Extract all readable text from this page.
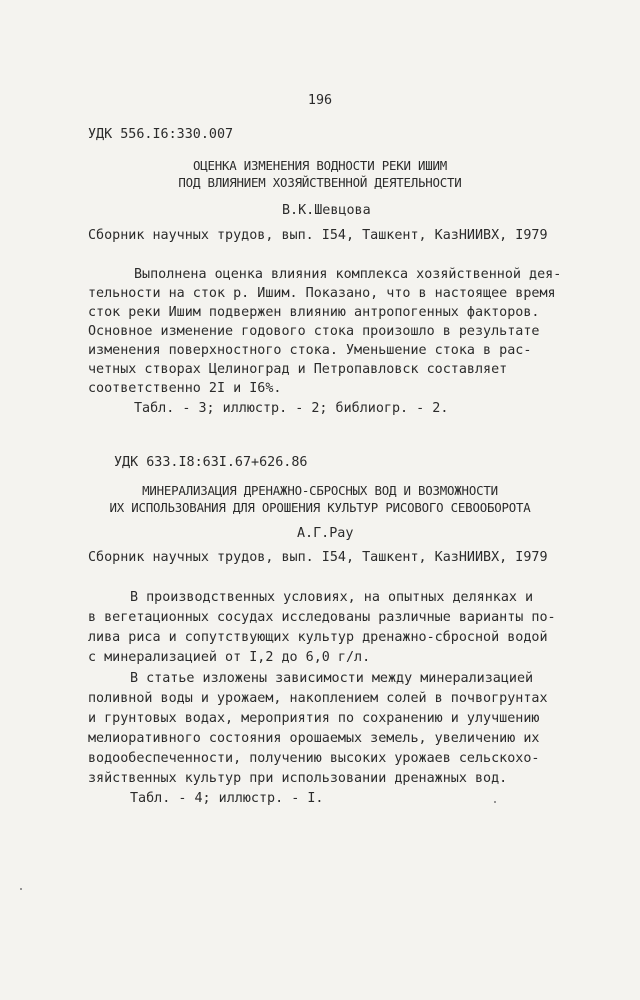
196
УДК 556.I6:330.007
ОЦЕНКА ИЗМЕНЕНИЯ ВОДНОСТИ РЕКИ ИШИМ
ПОД ВЛИЯНИЕМ ХОЗЯЙСТВЕННОЙ ДЕЯТЕЛЬНОСТИ
В.К.Шевцова
Сборник научных трудов, вып. I54, Ташкент, КазНИИВХ, I979
Выполнена оценка влияния комплекса хозяйственной дея-
тельности на сток р. Ишим. Показано, что в настоящее время
сток реки Ишим подвержен влиянию антропогенных факторов.
Основное изменение годового стока произошло в результате
изменения поверхностного стока. Уменьшение стока в рас-
четных створах Целиноград и Петропавловск составляет
соответственно 2I и I6%.
Табл. - 3; иллюстр. - 2; библиогр. - 2.
УДК 633.I8:63I.67+626.86
МИНЕРАЛИЗАЦИЯ ДРЕНАЖНО-СБРОСНЫХ ВОД И ВОЗМОЖНОСТИ
ИХ ИСПОЛЬЗОВАНИЯ ДЛЯ ОРОШЕНИЯ КУЛЬТУР РИСОВОГО СЕВООБОРОТА
А.Г.Рау
Сборник научных трудов, вып. I54, Ташкент, КазНИИВХ, I979
В производственных условиях, на опытных делянках и
в вегетационных сосудах исследованы различные варианты по-
лива риса и сопутствующих культур дренажно-сбросной водой
с минерализацией от I,2 до 6,0 г/л.
В статье изложены зависимости между минерализацией
поливной воды и урожаем, накоплением солей в почвогрунтах
и грунтовых водах, мероприятия по сохранению и улучшению
мелиоративного состояния орошаемых земель, увеличению их
водообеспеченности, получению высоких урожаев сельскохо-
зяйственных культур при использовании дренажных вод.
Табл. - 4; иллюстр. - I.
